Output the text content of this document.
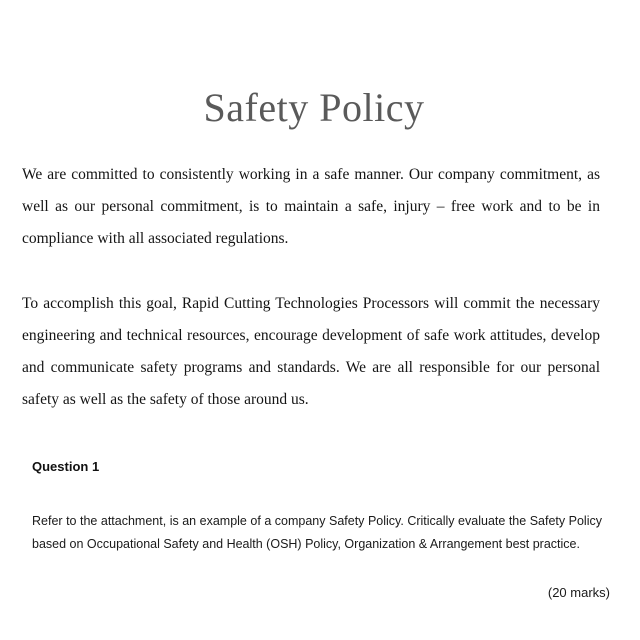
Safety Policy

We are committed to consistently working in a safe manner. Our company commitment, as well as our personal commitment, is to maintain a safe, injury – free work and to be in compliance with all associated regulations.

To accomplish this goal, Rapid Cutting Technologies Processors will commit the necessary engineering and technical resources, encourage development of safe work attitudes, develop and communicate safety programs and standards. We are all responsible for our personal safety as well as the safety of those around us.

Question 1

Refer to the attachment, is an example of a company Safety Policy. Critically evaluate the Safety Policy based on Occupational Safety and Health (OSH) Policy, Organization & Arrangement best practice.

(20 marks)
